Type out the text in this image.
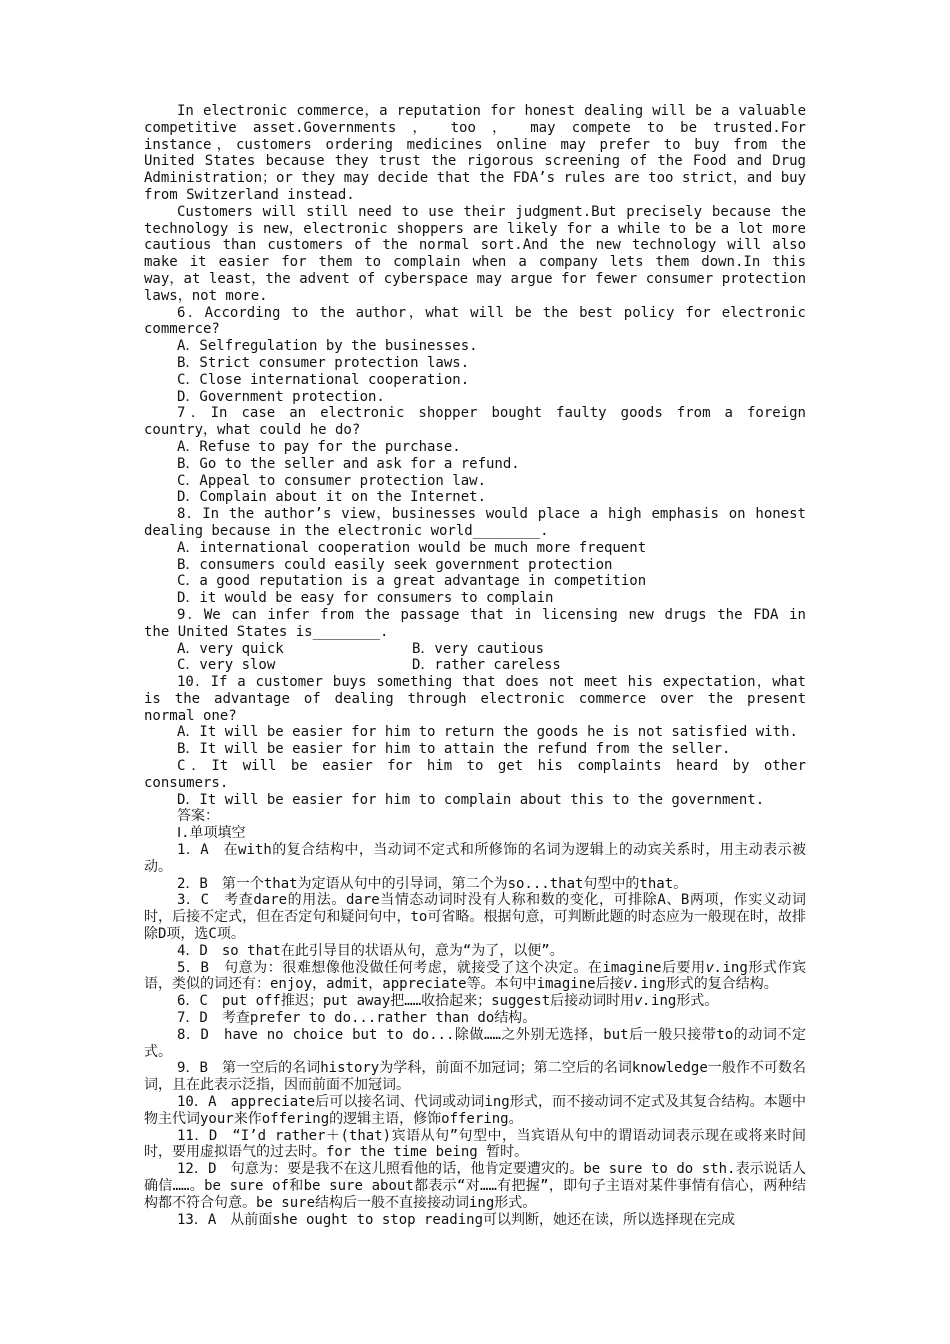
In electronic commerce，a reputation for honest dealing will be a valuable competitive asset.Governments ， too ， may compete to be trusted.For instance，customers ordering medicines online may prefer to buy from the United States because they trust the rigorous screening of the Food and Drug Administration；or they may decide that the FDA’s rules are too strict，and buy from Switzerland instead.

Customers will still need to use their judgment.But precisely because the technology is new，electronic shoppers are likely for a while to be a lot more cautious than customers of the normal sort.And the new technology will also make it easier for them to complain when a company lets them down.In this way，at least，the advent of cyberspace may argue for fewer consumer protection laws，not more.

6．According to the author，what will be the best policy for electronic commerce?

A．Selfregulation by the businesses.

B．Strict consumer protection laws.

C．Close international cooperation.

D．Government protection.

7．In case an electronic shopper bought faulty goods from a foreign country，what could he do?

A．Refuse to pay for the purchase.

B．Go to the seller and ask for a refund.

C．Appeal to consumer protection law.

D．Complain about it on the Internet.

8．In the author’s view，businesses would place a high emphasis on honest dealing because in the electronic world________.

A．international cooperation would be much more frequent

B．consumers could easily seek government protection

C．a good reputation is a great advantage in competition

D．it would be easy for consumers to complain

9．We can infer from the passage that in licensing new drugs the FDA in the United States is________.

A．very quick	B．very cautious
C．very slow	D．rather careless

10．If a customer buys something that does not meet his expectation，what is the advantage of dealing through electronic commerce over the present normal one?

A．It will be easier for him to return the goods he is not satisfied with.

B．It will be easier for him to attain the refund from the seller.

C．It will be easier for him to get his complaints heard by other consumers.

D．It will be easier for him to complain about this to the government.

答案：

Ⅰ.单项填空

1．A　在with的复合结构中，当动词不定式和所修饰的名词为逻辑上的动宾关系时，用主动表示被动。

2．B　第一个that为定语从句中的引导词，第二个为so...that句型中的that。

3．C　考查dare的用法。dare当情态动词时没有人称和数的变化，可排除A、B两项，作实义动词时，后接不定式，但在否定句和疑问句中，to可省略。根据句意，可判断此题的时态应为一般现在时，故排除D项，选C项。

4．D　so that在此引导目的状语从句，意为“为了，以便”。

5．B　句意为：很难想像他没做任何考虑，就接受了这个决定。在imagine后要用v.ing形式作宾语，类似的词还有：enjoy，admit，appreciate等。本句中imagine后接v.ing形式的复合结构。

6．C　put off推迟；put away把……收拾起来；suggest后接动词时用v.ing形式。

7．D　考查prefer to do...rather than do结构。

8．D　have no choice but to do...除做……之外别无选择，but后一般只接带to的动词不定式。

9．B　第一空后的名词history为学科，前面不加冠词；第二空后的名词knowledge一般作不可数名词，且在此表示泛指，因而前面不加冠词。

10．A　appreciate后可以接名词、代词或动词ing形式，而不接动词不定式及其复合结构。本题中物主代词your来作offering的逻辑主语，修饰offering。

11．D　“I’d rather＋(that)宾语从句”句型中，当宾语从句中的谓语动词表示现在或将来时间时，要用虚拟语气的过去时。for the time being 暂时。

12．D　句意为：要是我不在这儿照看他的话，他肯定要遭灾的。be sure to do sth.表示说话人确信……。be sure of和be sure about都表示“对……有把握”，即句子主语对某件事情有信心，两种结构都不符合句意。be sure结构后一般不直接接动词ing形式。

13．A　从前面she ought to stop reading可以判断，她还在读，所以选择现在完成
